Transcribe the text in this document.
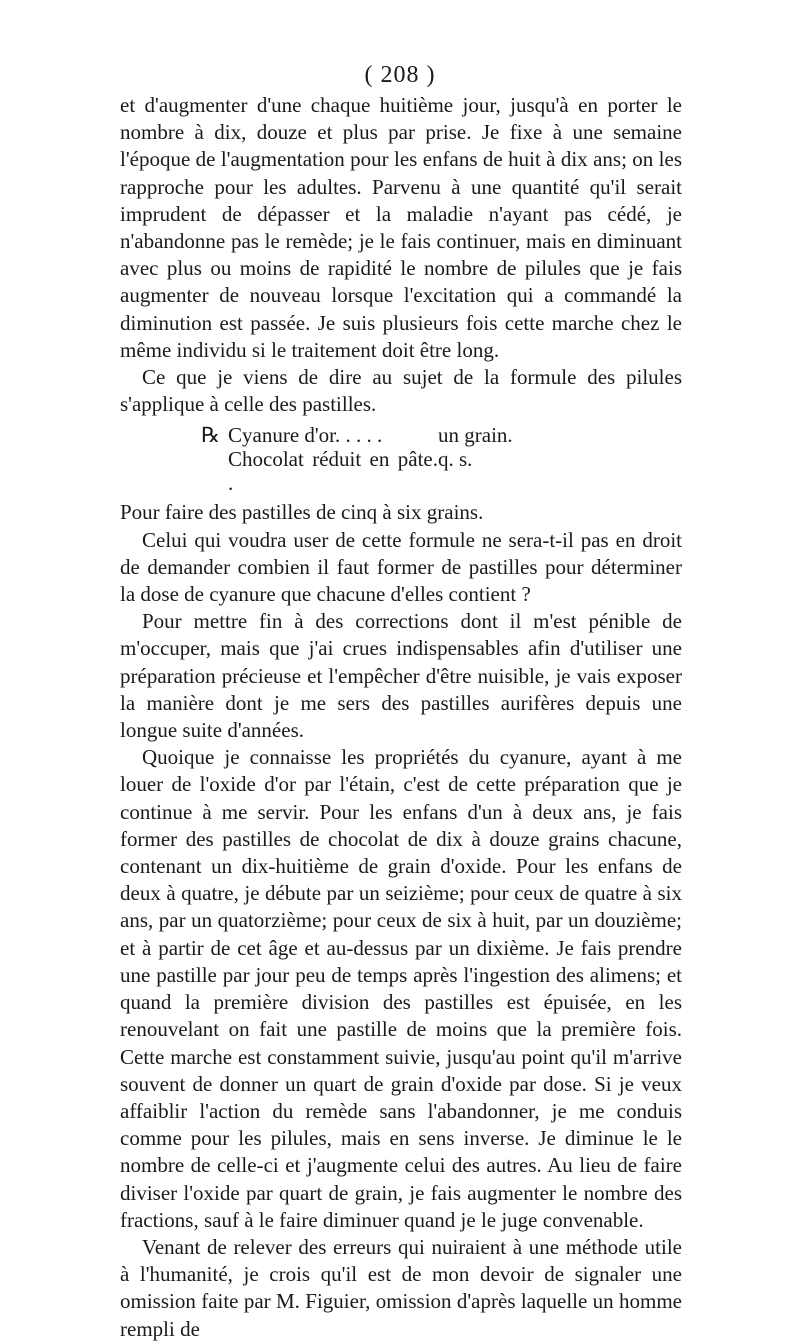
( 208 )

et d'augmenter d'une chaque huitième jour, jusqu'à en porter le nombre à dix, douze et plus par prise. Je fixe à une semaine l'époque de l'augmentation pour les enfans de huit à dix ans; on les rapproche pour les adultes. Parvenu à une quantité qu'il serait imprudent de dépasser et la maladie n'ayant pas cédé, je n'abandonne pas le remède; je le fais continuer, mais en diminuant avec plus ou moins de rapidité le nombre de pilules que je fais augmenter de nouveau lorsque l'excitation qui a commandé la diminution est passée. Je suis plusieurs fois cette marche chez le même individu si le traitement doit être long.

Ce que je viens de dire au sujet de la formule des pilules s'applique à celle des pastilles.

℞ Cyanure d'or. . . . .	un grain.
Chocolat réduit en pâte. .
q. s.

Pour faire des pastilles de cinq à six grains.

Celui qui voudra user de cette formule ne sera-t-il pas en droit de demander combien il faut former de pastilles pour déterminer la dose de cyanure que chacune d'elles contient ?

Pour mettre fin à des corrections dont il m'est pénible de m'occuper, mais que j'ai crues indispensables afin d'utiliser une préparation précieuse et l'empêcher d'être nuisible, je vais exposer la manière dont je me sers des pastilles aurifères depuis une longue suite d'années.

Quoique je connaisse les propriétés du cyanure, ayant à me louer de l'oxide d'or par l'étain, c'est de cette préparation que je continue à me servir. Pour les enfans d'un à deux ans, je fais former des pastilles de chocolat de dix à douze grains chacune, contenant un dix-huitième de grain d'oxide. Pour les enfans de deux à quatre, je débute par un seizième; pour ceux de quatre à six ans, par un quatorzième; pour ceux de six à huit, par un douzième; et à partir de cet âge et au-dessus par un dixième. Je fais prendre une pastille par jour peu de temps après l'ingestion des alimens; et quand la première division des pastilles est épuisée, en les renouvelant on fait une pastille de moins que la première fois. Cette marche est constamment suivie, jusqu'au point qu'il m'arrive souvent de donner un quart de grain d'oxide par dose. Si je veux affaiblir l'action du remède sans l'abandonner, je me conduis comme pour les pilules, mais en sens inverse. Je diminue le le nombre de celle-ci et j'augmente celui des autres. Au lieu de faire diviser l'oxide par quart de grain, je fais augmenter le nombre des fractions, sauf à le faire diminuer quand je le juge convenable.

Venant de relever des erreurs qui nuiraient à une méthode utile à l'humanité, je crois qu'il est de mon devoir de signaler une omission faite par M. Figuier, omission d'après laquelle un homme rempli de
